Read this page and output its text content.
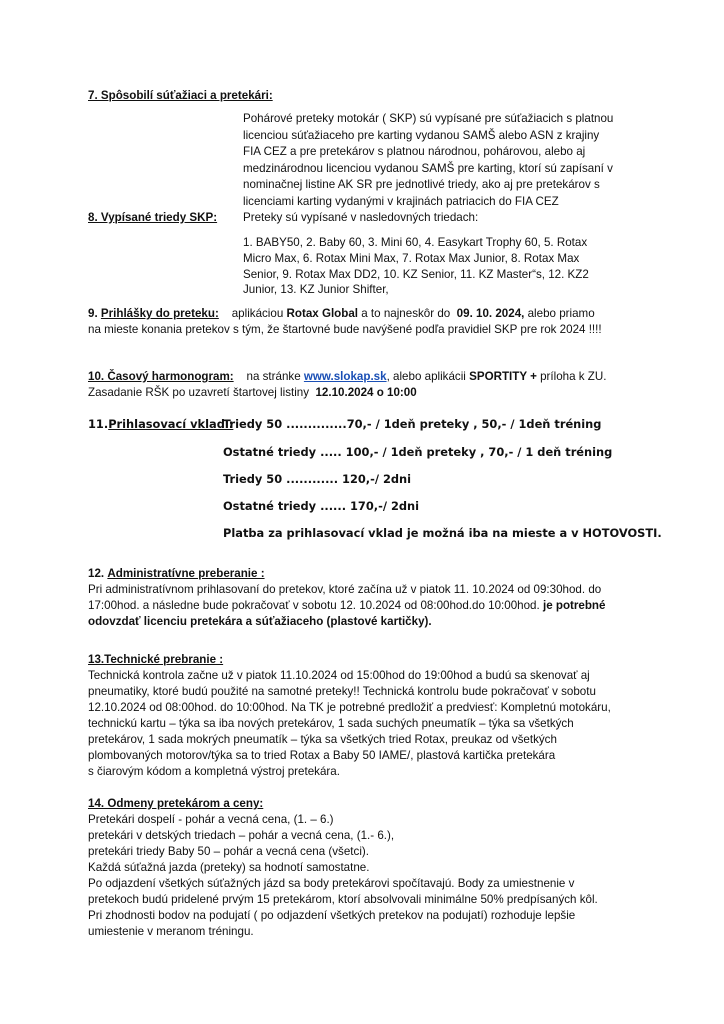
7. Spôsobilí súťažiaci a pretekári:
Pohárové preteky motokár ( SKP) sú vypísané pre súťažiacich s platnou
licenciou súťažiaceho pre karting vydanou SAMŠ alebo ASN z krajiny
FIA CEZ a pre pretekárov s platnou národnou, pohárovou, alebo aj
medzinárodnou licenciou vydanou SAMŠ pre karting, ktorí sú zapísaní v
nominačnej listine AK SR pre jednotlivé triedy, ako aj pre pretekárov s
licenciami karting vydanými v krajinách patriacich do FIA CEZ
8. Vypísané triedy SKP: Preteky sú vypísané v nasledovných triedach:
1. BABY50, 2. Baby 60, 3. Mini 60, 4. Easykart Trophy 60, 5. Rotax
Micro Max, 6. Rotax Mini Max, 7. Rotax Max Junior, 8. Rotax Max
Senior, 9. Rotax Max DD2, 10. KZ Senior, 11. KZ Master“s, 12. KZ2
Junior, 13. KZ Junior Shifter,
9. Prihlášky do preteku: aplikáciou Rotax Global a to najneskôr do 09. 10. 2024, alebo priamo
na mieste konania pretekov s tým, že štartovné bude navýšené podľa pravidiel SKP pre rok 2024 !!!!
10. Časový harmonogram: na stránke www.slokap.sk, alebo aplikácii SPORTITY + príloha k ZU.
Zasadanie RŠK po uzavretí štartovej listiny 12.10.2024 o 10:00
11.Prihlasovací vklad :
Triedy 50 ..............70,- / 1deň preteky , 50,- / 1deň tréning
Ostatné triedy ..... 100,- / 1deň preteky , 70,- / 1 deň tréning
Triedy 50 ............ 120,-/ 2dni
Ostatné triedy ...... 170,-/ 2dni
Platba za prihlasovací vklad je možná iba na mieste a v HOTOVOSTI.
12. Administratívne preberanie :
Pri administratívnom prihlasovaní do pretekov, ktoré začína už v piatok 11. 10.2024 od 09:30hod. do
17:00hod. a následne bude pokračovať v sobotu 12. 10.2024 od 08:00hod.do 10:00hod. je potrebné
odovzdať licenciu pretekára a súťažiaceho (plastové kartičky).
13.Technické prebranie :
Technická kontrola začne už v piatok 11.10.2024 od 15:00hod do 19:00hod a budú sa skenovať aj
pneumatiky, ktoré budú použité na samotné preteky!! Technická kontrolu bude pokračovať v sobotu
12.10.2024 od 08:00hod. do 10:00hod. Na TK je potrebné predložiť a predviesť: Kompletnú motokáru,
technickú kartu – týka sa iba nových pretekárov, 1 sada suchých pneumatík – týka sa všetkých
pretekárov, 1 sada mokrých pneumatík – týka sa všetkých tried Rotax, preukaz od všetkých
plombovaných motorov/týka sa to tried Rotax a Baby 50 IAME/, plastová kartička pretekára
s čiarovým kódom a kompletná výstroj pretekára.
14. Odmeny pretekárom a ceny:
Pretekári dospelí - pohár a vecná cena, (1. – 6.)
pretekári v detských triedach – pohár a vecná cena, (1.- 6.),
pretekári triedy Baby 50 – pohár a vecná cena (všetci).
Každá súťažná jazda (preteky) sa hodnotí samostatne.
Po odjazdení všetkých súťažných jázd sa body pretekárovi spočítavajú. Body za umiestnenie v
pretekoch budú pridelené prvým 15 pretekárom, ktorí absolvovali minimálne 50% predpísaných kôl.
Pri zhodnosti bodov na podujatí ( po odjazdení všetkých pretekov na podujatí) rozhoduje lepšie
umiestenie v meranom tréningu.
